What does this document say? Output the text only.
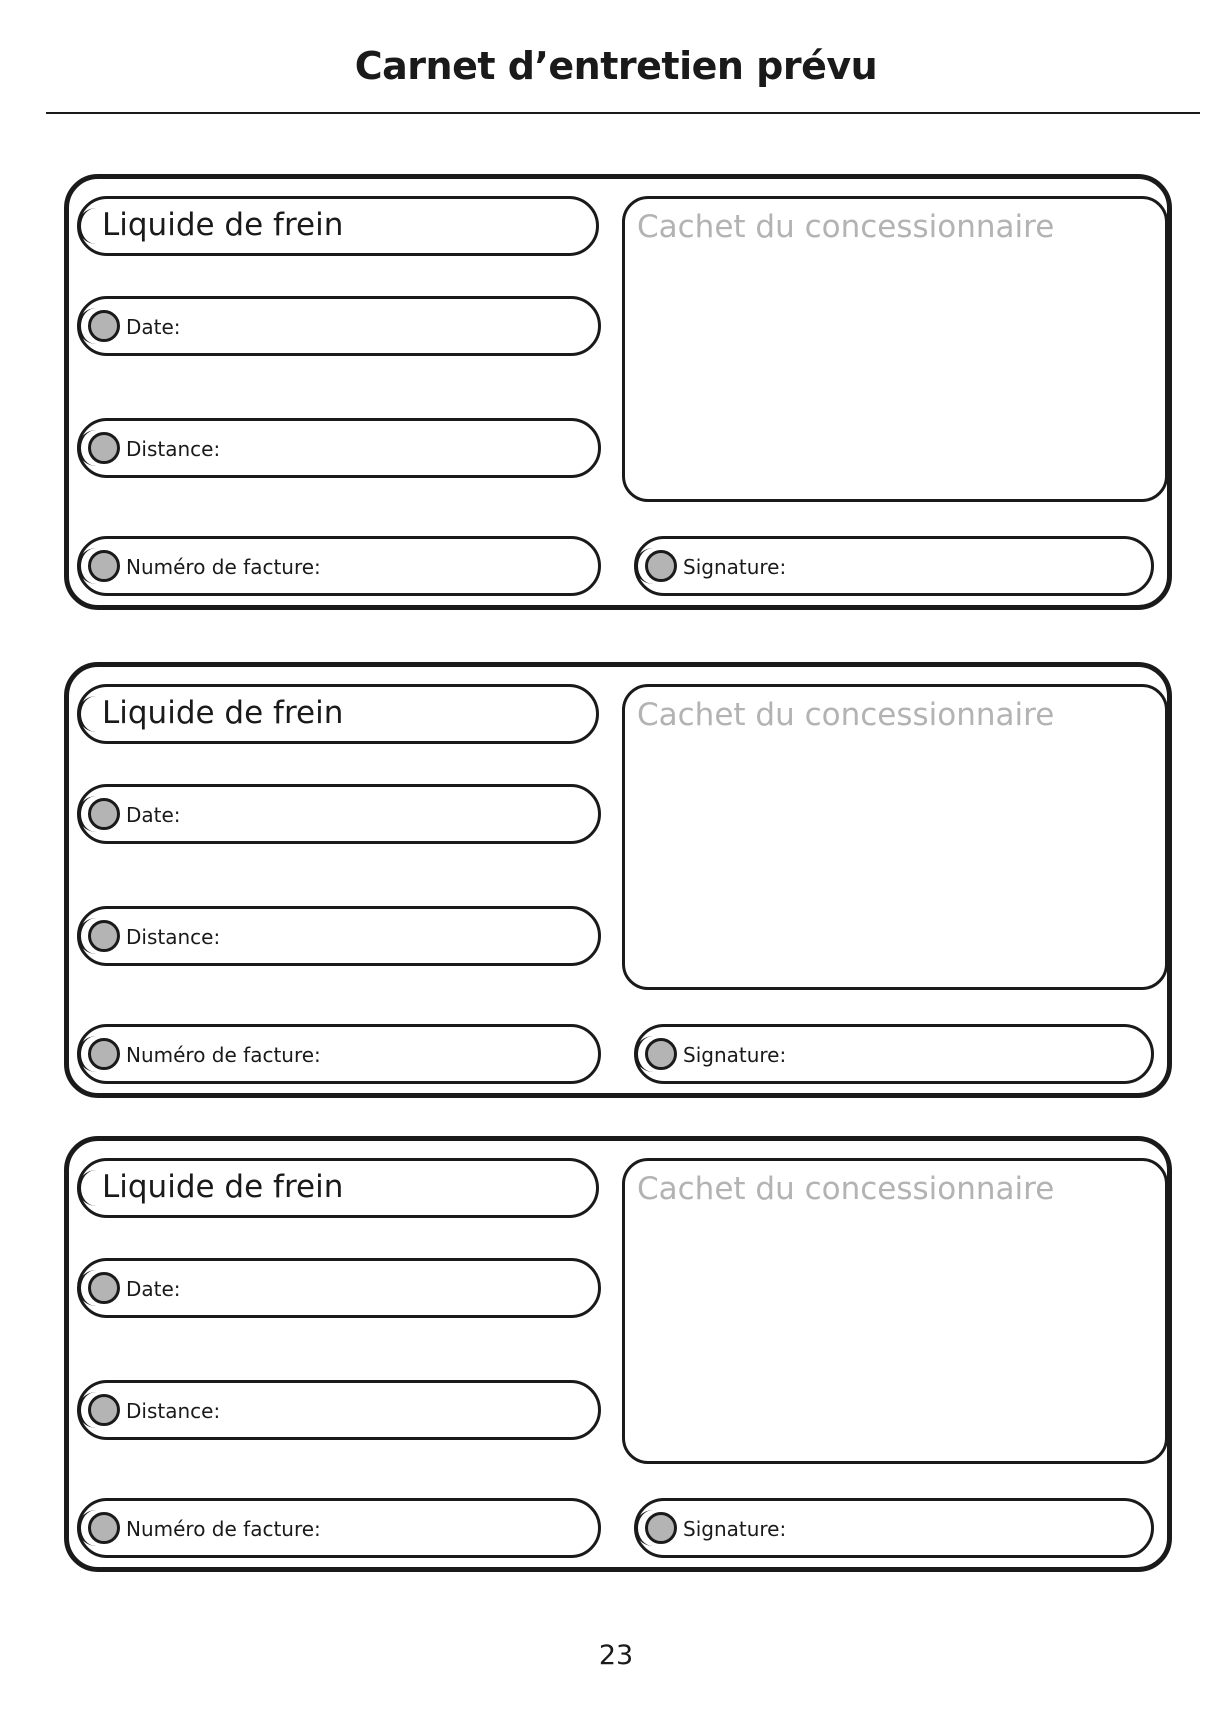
Carnet d’entretien prévu
Liquide de frein
Date:
Distance:
Numéro de facture:
Cachet du concessionnaire
Signature:
Liquide de frein
Date:
Distance:
Numéro de facture:
Cachet du concessionnaire
Signature:
Liquide de frein
Date:
Distance:
Numéro de facture:
Cachet du concessionnaire
Signature:
23
